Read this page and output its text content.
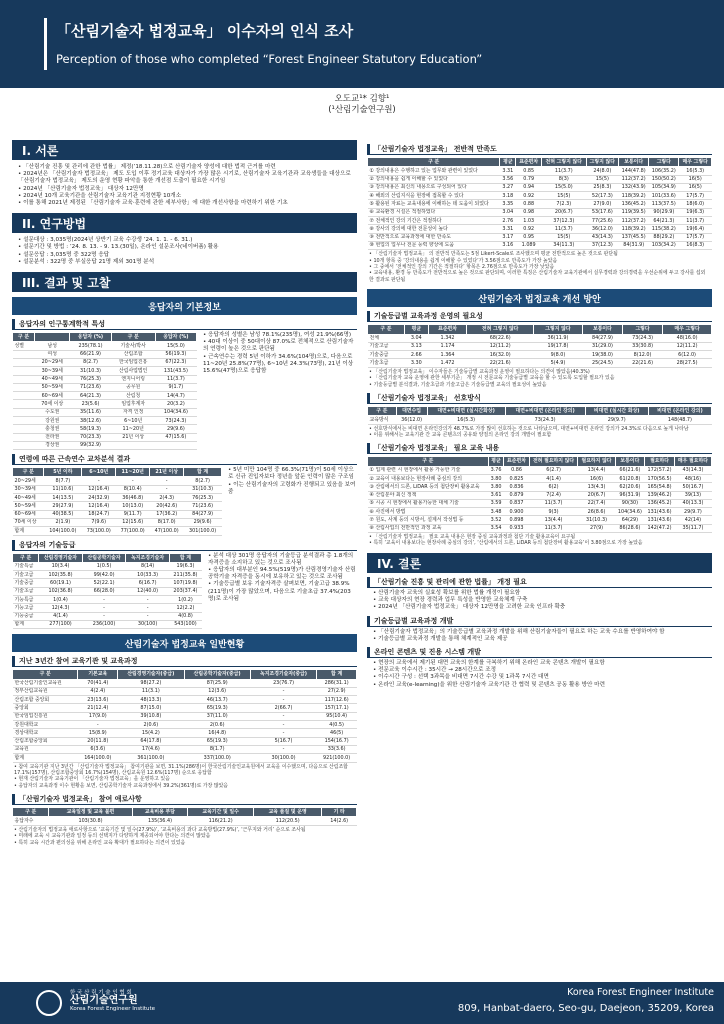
「산림기술자 법정교육」 이수자의 인식 조사
Perception of those who completed “Forest Engineer Statutory Education”
오도교¹* 김향¹
(¹산림기술연구원)
I. 서론
• 「산림기술 진흥 및 관리에 관한 법률」 제정(’18.11.28)으로 산림기술자 양성에 대한 법적 근거를 마련
• 2024년은 「산림기술자 법정교육」 제도 도입 이후 정기교육 대상자가 가장 많은 시기로, 산림기술자 교육기관과 교육생들을 대상으로 「산림기술자 법정교육」 제도의 운영 현황 파악을 통한 개선점 도출이 필요한 시기임
• 2024년 「산림기술자 법정교육」 대상자 12만명
• 2024년 10개 교육기관을 산림기술자 교육기관 지정현황 10개소
• 이를 통해 2021년 제정된 「산림기술자 교육·훈련에 관한 세부사항」에 대한 개선사항을 마련하기 위한 기초
II. 연구방법
• 설문대상 : 3,035명(2024년 상반기 교육 수강생 ’24. 1. 1. - 6. 31.)
• 설문기간 및 방법 : ’24. 8. 13. - 9. 13.(30일), 온라인 설문조사(네이버폼) 활용
• 설문응답 : 3,035명 중 322명 응답
• 설문분석 : 322명 중 부실응답 21명 제외 301명 분석
III. 결과 및 고찰
응답자의 기본정보
응답자의 인구통계학적 특성
구 분		응답자 (%)	구 분	응답자 (%)
성별	남성	235(78.1)	기술사/박사	15(5.0)
	여성	66(21.9)	산림조합	56(19.3)
	20~29세	8(2.7)	한국임업진흥	67(22.3)
	30~39세	31(10.3)	산림사업법인	131(43.5)
	40~49세	76(25.3)	엔지니어링	11(3.7)
	50~59세	71(23.6)	공무원	9(1.7)
	60~69세	64(21.3)	산림청	14(4.7)
	70세 이상	23(5.6)	임업후계자	20(3.2)
	수도권	35(11.6)	자격 인정	104(34.6)
	강원권	38(12.6)	6~10년	73(24.3)
	충청권	58(19.3)	11~20년	29(9.6)
	전라권	70(23.3)	21년 이상	47(15.6)
	경상권	99(32.9)		
• 응답자의 성별은 남성 78.1%(235명), 여성 21.9%(66명)
• 40대 이상이 중 50대이상 87.0%로 전체적으로 산림기술자의 연령이 높은 것으로 판단됨
• 근속연수는 경력 5년 이하가 34.6%(104명)으로, 다음으로 11~20년 25.8%(77명), 6~10년 24.3%(73명), 21년 이상 15.6%(47명)으로 응답함
연령에 따른 근속연수 교차분석 결과
구 분	5년 이하	6~10년	11~20년	21년 이상	합 계
20~29세	8(7.7)	-	-	-	8(2.7)
30~39세	11(10.6)	12(16.4)	8(10.4)	-	31(10.3)
40~49세	14(13.5)	24(32.9)	36(46.8)	2(4.3)	76(25.3)
50~59세	29(27.9)	12(16.4)	10(13.0)	20(42.6)	71(23.6)
60~69세	40(38.5)	18(24.7)	9(11.7)	17(36.2)	84(27.9)
70세 이상	2(1.9)	7(9.6)	12(15.6)	8(17.0)	29(9.6)
합계	104(100.0)	73(100.0)	77(100.0)	47(100.0)	301(100.0)
• 5년 미만 104명 중 66.3%(71명)이 50세 이상으로 신규 진입자보다 정년을 앞둔 인력이 많은 구조임
• 이는 산림기술자의 고령화가 진행되고 있음을 보여줌
응답자의 기술등급
구 분	산림경영기술자	산림공학기술자	녹지조경기술자	합 계
기술특급	10(3.4)	1(0.5)	8(14)	19(6.3)
기술고급	102(35.8)	99(42.0)	10(33.3)	211(35.8)
기술중급	60(19.1)	52(22.1)	6(16.7)	107(19.8)
기술초급	102(36.8)	66(28.0)	12(40.0)	203(37.4)
기능특급	1(0.4)	-	-	1(0.2)
기능고급	12(4.3)	-	-	12(2.2)
기능중급	4(1.4)	-	-	4(0.8)
합계	277(100)	236(100)	30(100)	543(100)
• 분석 대상 301명 응답자의 기술등급 분석결과 총 1.8개의 자격증을 소지하고 있는 것으로 조사됨
• 응답자의 대부분인 94.5%(519명)가 산림경영기술자 산림공학기술 자격증을 동시에 보유하고 있는 것으로 조사됨
• 기술등급별 보유 기술자격증 살펴보면, 기술고급 38.9%(211명)이 가장 많았으며, 다음으로 기술초급 37.4%(203명)로 조사됨
산림기술자 법정교육 일반현황
지난 3년간 참여 교육기관 및 교육과정
구 분	기본교육	산림경영기술자(중급)	산림공학기술자(중급)	녹지조경기술자(중급)	합 계
한국산림기술인교육원	70(41.4)	98(27.2)	87(25.9)	23(76.7)	286(31.1)
정부산림교육원	4(2.4)	11(3.1)	12(3.6)	-	27(2.9)
산림조합 중앙회	23(13.6)	48(13.3)	46(13.7)	-	117(12.6)
중앙회	21(12.4)	87(15.0)	65(19.3)	2(66.7)	157(17.1)
한국임업진흥원	17(9.0)	39(10.8)	37(11.0)	-	95(10.4)
강원대학교	-	2(0.6)	2(0.6)	-	4(0.5)
경상대학교	15(8.9)	15(4.2)	16(4.8)	-	46(5)
산림조합중앙회	20(11.8)	64(17.8)	65(19.3)	5(16.7)	154(16.7)
교육원	6(3.6)	17(4.6)	8(1.7)	-	33(3.6)
합계	164(100.0)	361(100.0)	337(100.0)	30(100.0)	921(100.0)
• 참여 교육기관 지난 3년간 「산림기술자 법정교육」 참여기관을 보면, 31.1%(286명)이 한국산림기술인교육원에서 교육을 이수했으며, 다음으로 산림조합 17.1%(157명), 산림조합중앙회 16.7%(154명), 산림교육원 12.6%(117명) 순으로 응답함
• 현재 산림기술자 교육기관이 「산림기술자 법정교육」을 운영하고 있음
• 응답자의 교육과정 이수 현황을 보면, 산림공학기술자 교육과정에서 39.2%(361명)로 가장 많았음
「산림기술자 법정교육」 참여 애로사항
구 분	교육일정 및 교육 불편	교육비용 부담	교육기간 및 일수	교육 품질 및 운영	기 타
응답자수	103(30.8)	135(36.4)	116(21.2)	112(20.5)	14(2.6)
• 산림기술자의 법정교육 애로사항으로 ‘교육기간 및 일수(27.9%)’, ‘교육비용의 과다 교육방법(27.9%)’, ‘근무지와 거리’ 순으로 조사됨
• 미래에 교육 시 교육기관과 일정 등의 선택지가 다양하게 제공되어야 한다는 의견이 많았음
• 특히 교육 시간과 편의성을 위해 온라인 교육 확대가 필요하다는 의견이 있었음
「산림기술자 법정교육」 전반적 만족도
구 분	평균	표준편차	전혀 그렇지 않다	그렇지 않다	보통이다	그렇다	매우 그렇다
① 강의내용은 수행하고 있는 업무와 관련이 있었다	3.31	0.85	11(3.7)	24(8.0)	144(47.8)	106(35.2)	16(5.3)
② 강의내용을 쉽게 이해할 수 있었다	3.56	0.79	8(3)	15(5)	112(37.2)	150(50.2)	16(5)
③ 강의내용은 최신의 내용으로 구성되어 있다	3.27	0.94	15(5.0)	25(8.3)	132(43.9)	105(34.9)	16(5)
④ 해외의 산림지식을 현장에 접목할 수 있다	3.18	0.92	15(5)	52(17.3)	118(39.2)	101(33.6)	17(5.7)
⑤ 활용된 자료는 교육내용에 이해하는 데 도움이 되었다	3.35	0.88	7(2.3)	27(9.0)	136(45.2)	113(37.5)	18(6.0)
⑥ 교육환경 시설은 적절하였다	3.04	0.98	20(6.7)	53(17.6)	119(39.5)	90(29.9)	19(6.3)
⑦ 전체적인 강의 기간은 적절하다	2.76	1.03	37(12.3)	77(25.6)	112(37.2)	64(21.3)	11(3.7)
⑧ 강사의 강의에 대한 전문성이 높다	3.31	0.92	11(3.7)	36(12.0)	118(39.2)	115(38.2)	19(6.4)
⑨ 전반적으로 교육과정에 대한 만족도	3.17	0.95	15(5)	43(14.3)	137(45.5)	88(29.2)	17(5.7)
⑩ 현업의 업무나 전문 능력 향상에 도움	3.16	1.089	34(11.3)	37(12.3)	84(31.9)	103(34.2)	16(8.3)
• 「산림기술자 법정교육」 의 전반적 만족도는 5점 Likert-Scale로 조사했으며 평균 전반적으로 높은 것으로 판단됨
• 10개 항목 중 ‘강의내용을 쉽게 이해할 수 있었다’가 3.56점으로 만족도가 가장 높았음
• 그 중에서 ‘전체적인 강의 기간은 적절하다’ 항목은 2.76점으로 만족도가 가장 낮았음
• 교육내용, 환경 등 만족도가 전반적으로 높은 것으로 판단되며, 이러한 특징은 산림기술자 교육기관에서 실무경력과 강의경력을 우선순위에 두고 강사를 섭외한 결과로 판단됨
산림기술자 법정교육 개선 방안
기술등급별 교육과정 운영의 필요성
구 분	평균	표준편차	전혀 그렇지 않다	그렇지 않다	보통이다	그렇다	매우 그렇다
전체	3.04	1.342	68(22.6)	36(11.9)	84(27.9)	73(24.3)	48(16.0)
기술고급	3.13	1.174	12(11.2)	19(17.8)	31(29.0)	33(30.8)	12(11.2)
기술중급	2.66	1.364	16(32.0)	9(8.0)	19(38.0)	8(12.0)	6(12.0)
기술초급	3.30	1.472	22(21.6)	5(4.9)	25(24.5)	22(21.6)	28(27.5)
• 「산림기술자 법정교육」 이수자들은 기술등급별 교육과정 운영이 필요하다는 의견이 많았음(40.3%)
• 「산림기술자 교육 운영에 관한 세부기준」 개정 시 전문교육 기술등급별 교육을 할 수 있도록 도입할 필요가 있음
• 기술등급별 분석결과, 기술초급과 기술고급은 기술등급별 교육의 필요성이 높았음
「산림기술자 법정교육」 선호방식
구 분	대면수업	대면+비대면 (실시간화상)	대면+비대면 (온라인 강의)	비대면 (실시간 화상)	비대면 (온라인 강의)
교육방식	36(12.0)	16(5.3)	73(24.3)	29(9.7)	148(48.7)
• 선호방식에서는 비대면 온라인강의가 48.7%로 가장 많이 선호하는 것으로 나타났으며, 대면+비대면 온라인 강의가 24.3%로 다음으로 높게 나타남
• 이를 위해서는 교육기관 간 교육 콘텐츠의 공유와 양질의 온라인 강의 개발이 필요함
「산림기술자 법정교육」 필요 교육 내용
구 분	평균	표준편차	전혀 필요하지 않다	필요하지 않다	보통이다	필요하다	매우 필요하다
① 업계 관련 시 현장에서 활용 가능한 기술	3.76	0.86	6(2.7)	13(4.4)	66(21.6)	172(57.2)	43(14.3)
② 교육이 내용보다는 현장사례 중심의 강의	3.80	0.825	4(1.4)	16(6)	61(20.8)	170(56.5)	48(16)
③ 산림에서의 드론, LiDAR 등의 첨단장비 활용교육	3.80	0.836	6(2)	13(4.3)	62(20.6)	165(54.8)	50(16.7)
④ 산림분야 최신 정책	3.61	0.879	7(2.4)	20(6.7)	96(31.9)	139(46.2)	39(13)
⑤ 시공 시 현장에서 활용가능한 대체 기술	3.59	0.837	11(3.7)	22(7.4)	90(30)	136(45.2)	40(13.3)
⑥ 사진에서 방법	3.48	0.900	9(3)	26(8.6)	104(34.6)	131(43.6)	29(9.7)
⑦ 원도, 사계 등의 시방서, 설계서 작성법 등	3.52	0.898	13(4.4)	31(10.3)	64(29)	131(43.6)	42(14)
⑧ 산림사업의 전반적인 과정 교육	3.54	0.933	11(3.7)	27(9)	86(28.6)	142(47.2)	35(11.7)
• 「산림기술자 법정교육」 필요 교육 내용은 현장 중심 교육과정과 첨단 기술 활용교육이 요구됨
• 특히 ‘교육이 내용보다는 현장사례 중심의 강의’, ‘산림에서의 드론, LiDAR 등의 첨단장비 활용교육’이 3.80점으로 가장 높았음
IV. 결론
「산림기술 진흥 및 관리에 관한 법률」 개정 필요
• 산림기술자 교육의 실효성 확보를 위한 법률 개정이 필요함
• 교육 대상자의 현장 경력과 업무 특성을 반영한 교육체계 구축
• 2024년 「산림기술자 법정교육」 대상자 12만명을 고려한 교육 인프라 확충
기술등급별 교육과정 개발
• 「산림기술자 법정교육」의 기술등급별 교육과정 개발을 위해 산림기술자들이 필요로 하는 교육 수요를 반영하여야 함
• 기술등급별 교육과정 개발을 통해 체계적인 교육 제공
온라인 콘텐츠 및 진용 시스템 개발
• 현장의 교육에서 제기된 대면 교육의 한계를 극복하기 위해 온라인 교육 콘텐츠 개발이 필요함
• 전문교육 이수시간 : 35시간 → 28시간으로 조정
• 이수시간 구성 : 선택 3과목을 비대면 7시간 수강 및 1과목 7시간 대면
• 온라인 교육(e-learning)을 위한 산림기술자 교육기관 간 협력 및 콘텐츠 공동 활용 방안 마련
한 국 산 림 기 술 인 협 회
산림기술연구원
Korea Forest Engineer Institute
Korea Forest Engineer Institute
809, Hanbat-daero, Seo-gu, Daejeon, 35209, Korea
